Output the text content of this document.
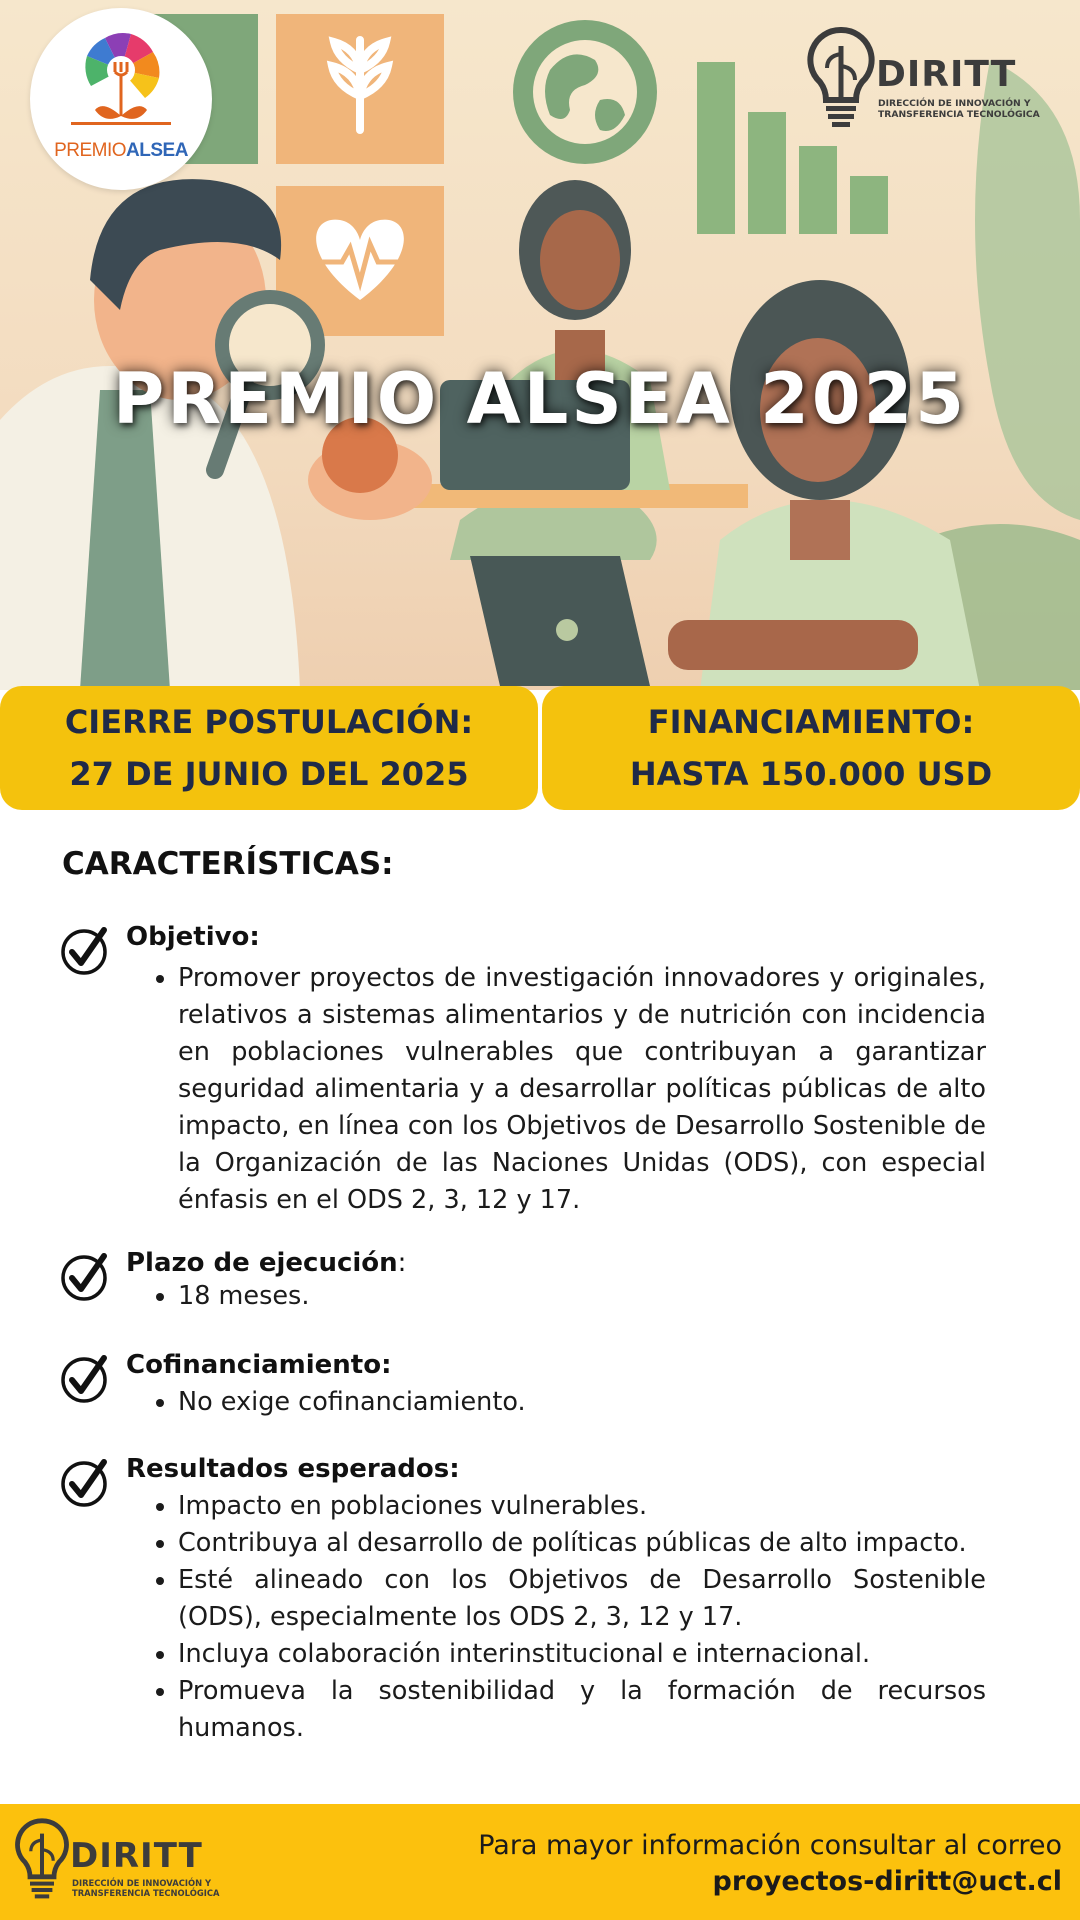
PREMIOALSEA
DIRITT
DIRECCIÓN DE INNOVACIÓN Y TRANSFERENCIA TECNOLÓGICA
PREMIO ALSEA 2025
CIERRE POSTULACIÓN:
27 DE JUNIO DEL 2025
FINANCIAMIENTO:
HASTA 150.000 USD
CARACTERÍSTICAS:
Objetivo:
• Promover proyectos de investigación innovadores y originales, relativos a sistemas alimentarios y de nutrición con incidencia en poblaciones vulnerables que contribuyan a garantizar seguridad alimentaria y a desarrollar políticas públicas de alto impacto, en línea con los Objetivos de Desarrollo Sostenible de la Organización de las Naciones Unidas (ODS), con especial énfasis en el ODS 2, 3, 12 y 17.
Plazo de ejecución:
• 18 meses.
Cofinanciamiento:
• No exige cofinanciamiento.
Resultados esperados:
• Impacto en poblaciones vulnerables.
• Contribuya al desarrollo de políticas públicas de alto impacto.
• Esté alineado con los Objetivos de Desarrollo Sostenible (ODS), especialmente los ODS 2, 3, 12 y 17.
• Incluya colaboración interinstitucional e internacional.
• Promueva la sostenibilidad y la formación de recursos humanos.
DIRITT
DIRECCIÓN DE INNOVACIÓN Y TRANSFERENCIA TECNOLÓGICA
Para mayor información consultar al correo
proyectos-diritt@uct.cl
